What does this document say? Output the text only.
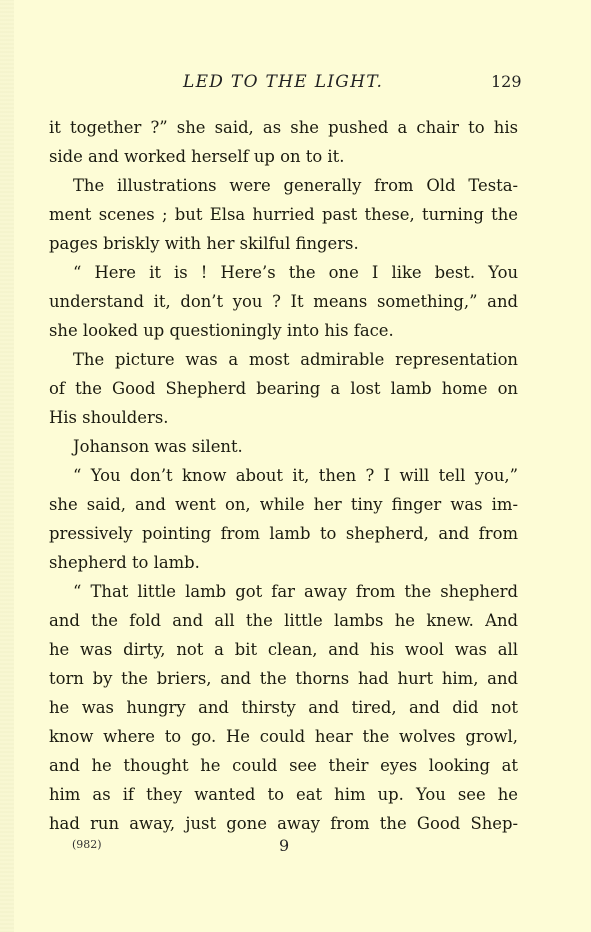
LED TO THE LIGHT.	129
it together ?” she said, as she pushed a chair to his
side and worked herself up on to it.
The illustrations were generally from Old Testa-
ment scenes ; but Elsa hurried past these, turning the
pages briskly with her skilful fingers.
“ Here it is ! Here’s the one I like best. You
understand it, don’t you ? It means something,” and
she looked up questioningly into his face.
The picture was a most admirable representation
of the Good Shepherd bearing a lost lamb home on
His shoulders.
Johanson was silent.
“ You don’t know about it, then ? I will tell you,”
she said, and went on, while her tiny finger was im-
pressively pointing from lamb to shepherd, and from
shepherd to lamb.
“ That little lamb got far away from the shepherd
and the fold and all the little lambs he knew. And
he was dirty, not a bit clean, and his wool was all
torn by the briers, and the thorns had hurt him, and
he was hungry and thirsty and tired, and did not
know where to go. He could hear the wolves growl,
and he thought he could see their eyes looking at
him as if they wanted to eat him up. You see he
had run away, just gone away from the Good Shep-
(982)	9
